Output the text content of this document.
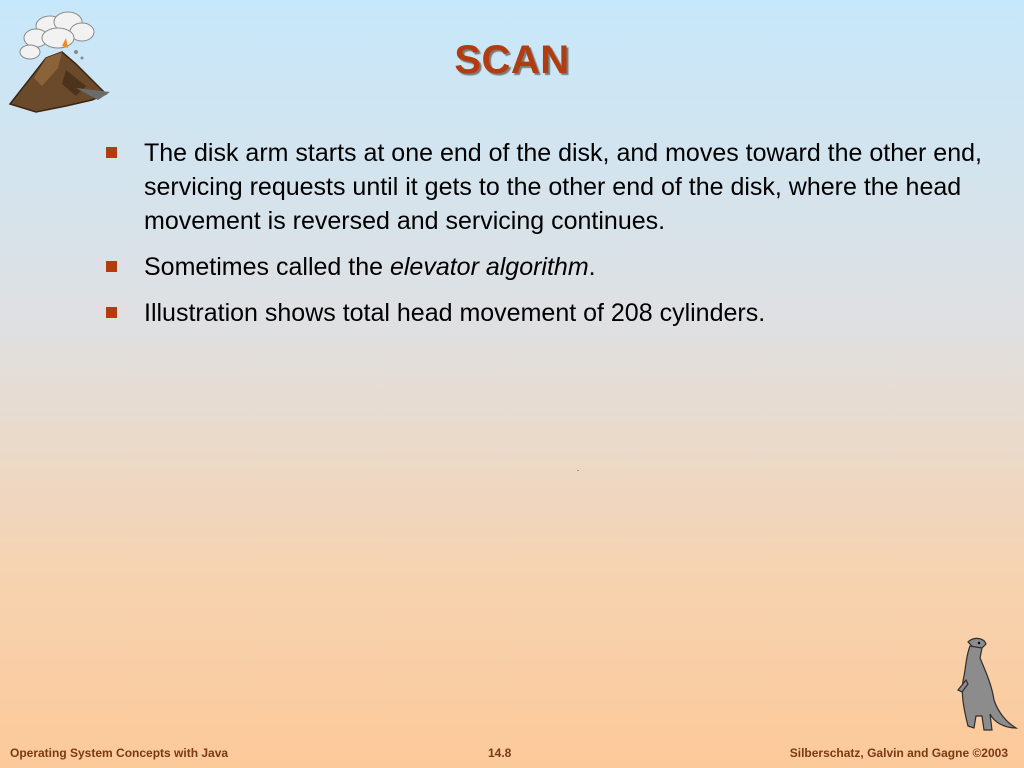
SCAN
The disk arm starts at one end of the disk, and moves toward the other end, servicing requests until it gets to the other end of the disk, where the head movement is reversed and servicing continues.
Sometimes called the elevator algorithm.
Illustration shows total head movement of 208 cylinders.
Operating System Concepts with Java	14.8	Silberschatz, Galvin and Gagne ©2003
